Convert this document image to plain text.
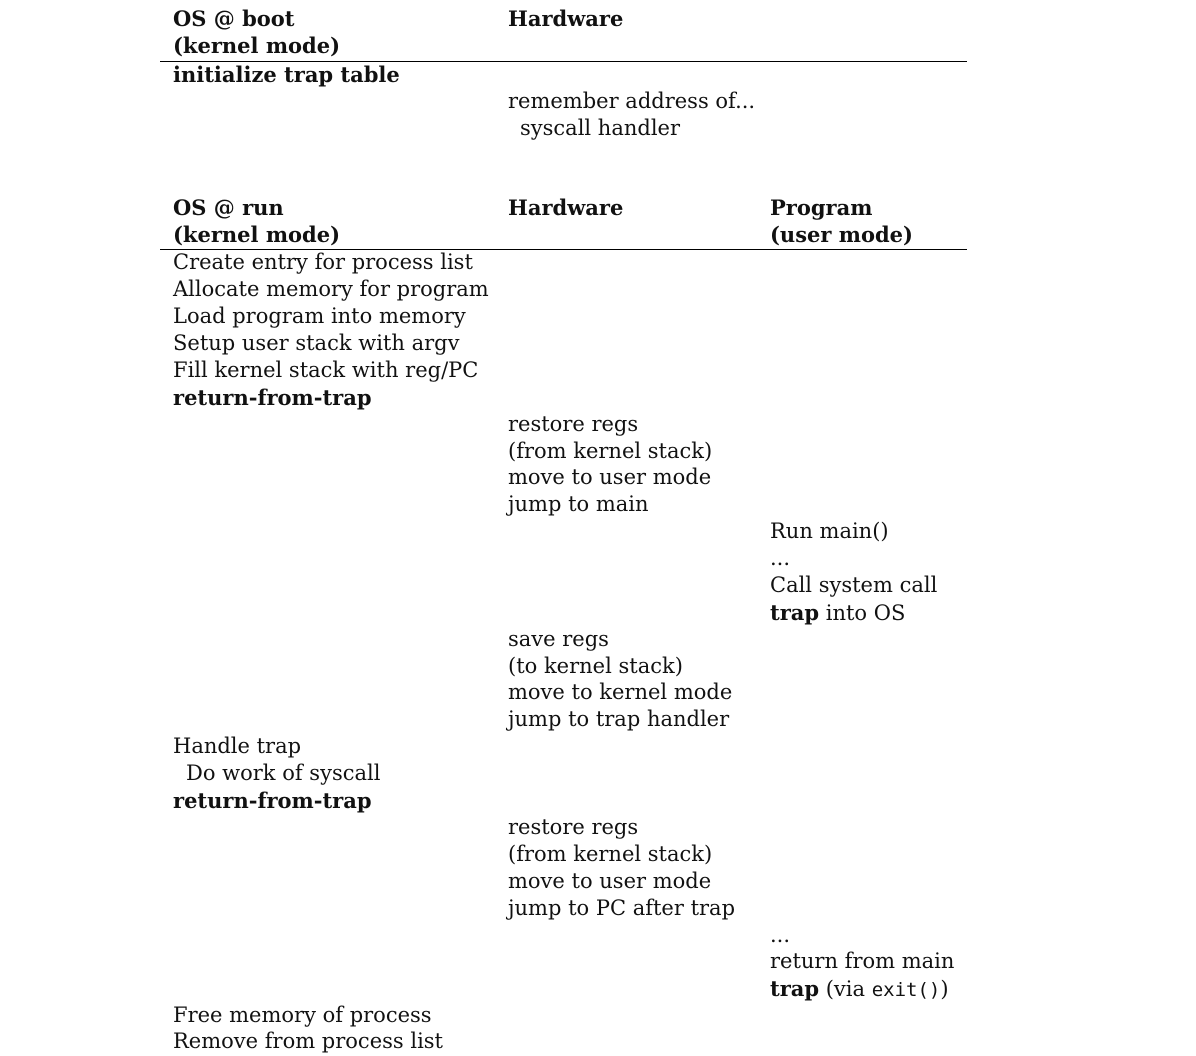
OS @ boot

(kernel mode)

Hardware

initialize trap table

remember address of...

syscall handler

OS @ run

(kernel mode)

Hardware	Program

(user mode)

Create entry for process list

Allocate memory for program

Load program into memory

Setup user stack with argv

Fill kernel stack with reg/PC

return-from-trap

restore regs

(from kernel stack)

move to user mode

jump to main

Run main()

...

Call system call

trap into OS

save regs

(to kernel stack)

move to kernel mode

jump to trap handler

Handle trap

Do work of syscall

return-from-trap

restore regs

(from kernel stack)

move to user mode

jump to PC after trap

...

return from main

trap (via exit())

Free memory of process

Remove from process list
